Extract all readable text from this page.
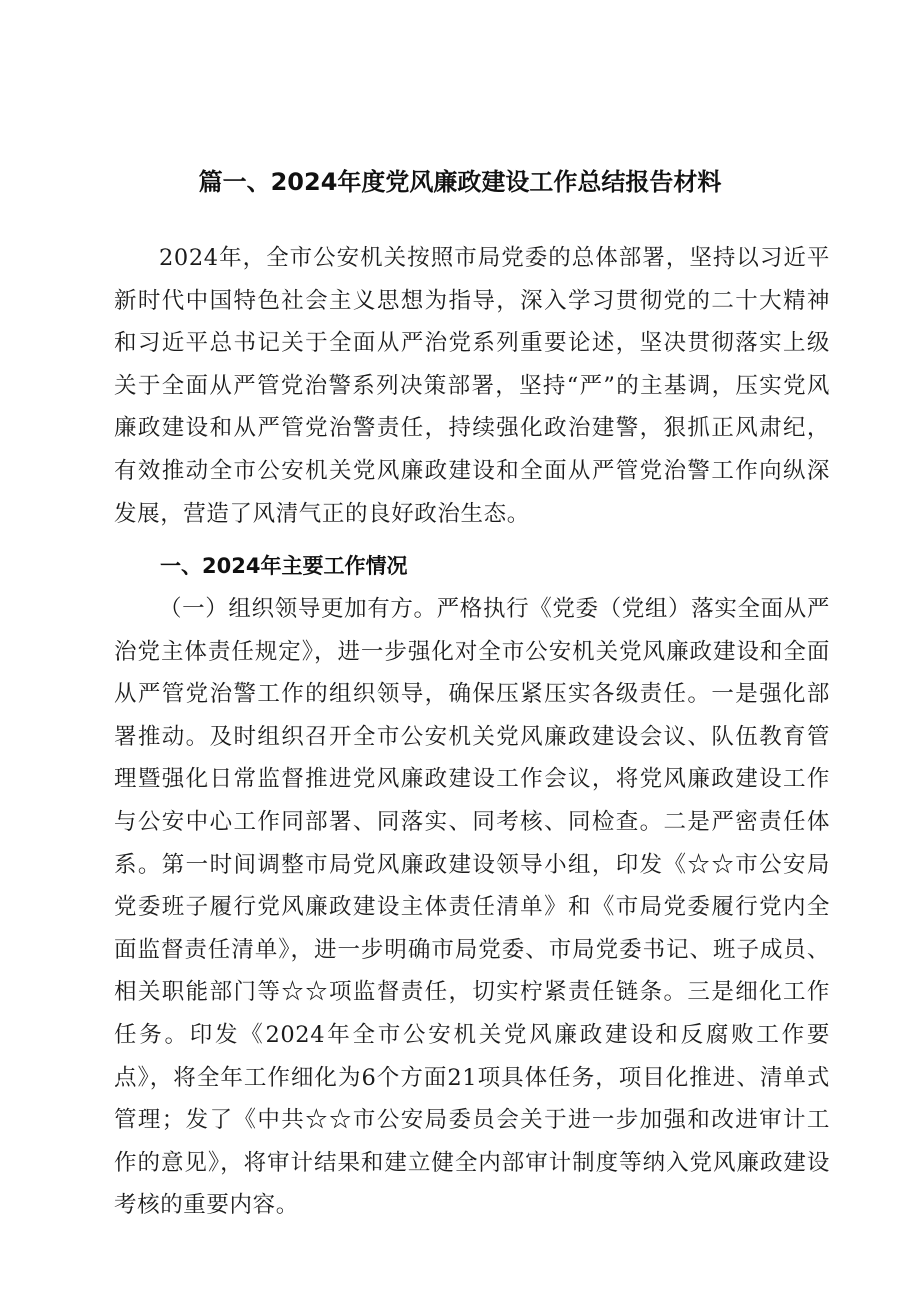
篇一、2024年度党风廉政建设工作总结报告材料

2024年，全市公安机关按照市局党委的总体部署，坚持以习近平新时代中国特色社会主义思想为指导，深入学习贯彻党的二十大精神和习近平总书记关于全面从严治党系列重要论述，坚决贯彻落实上级关于全面从严管党治警系列决策部署，坚持“严”的主基调，压实党风廉政建设和从严管党治警责任，持续强化政治建警，狠抓正风肃纪，有效推动全市公安机关党风廉政建设和全面从严管党治警工作向纵深发展，营造了风清气正的良好政治生态。

一、2024年主要工作情况

（一）组织领导更加有方。严格执行《党委（党组）落实全面从严治党主体责任规定》，进一步强化对全市公安机关党风廉政建设和全面从严管党治警工作的组织领导，确保压紧压实各级责任。一是强化部署推动。及时组织召开全市公安机关党风廉政建设会议、队伍教育管理暨强化日常监督推进党风廉政建设工作会议，将党风廉政建设工作与公安中心工作同部署、同落实、同考核、同检查。二是严密责任体系。第一时间调整市局党风廉政建设领导小组，印发《☆☆市公安局党委班子履行党风廉政建设主体责任清单》和《市局党委履行党内全面监督责任清单》，进一步明确市局党委、市局党委书记、班子成员、相关职能部门等☆☆项监督责任，切实柠紧责任链条。三是细化工作任务。印发《2024年全市公安机关党风廉政建设和反腐败工作要点》，将全年工作细化为6个方面21项具体任务，项目化推进、清单式管理；发了《中共☆☆市公安局委员会关于进一步加强和改进审计工作的意见》，将审计结果和建立健全内部审计制度等纳入党风廉政建设考核的重要内容。
